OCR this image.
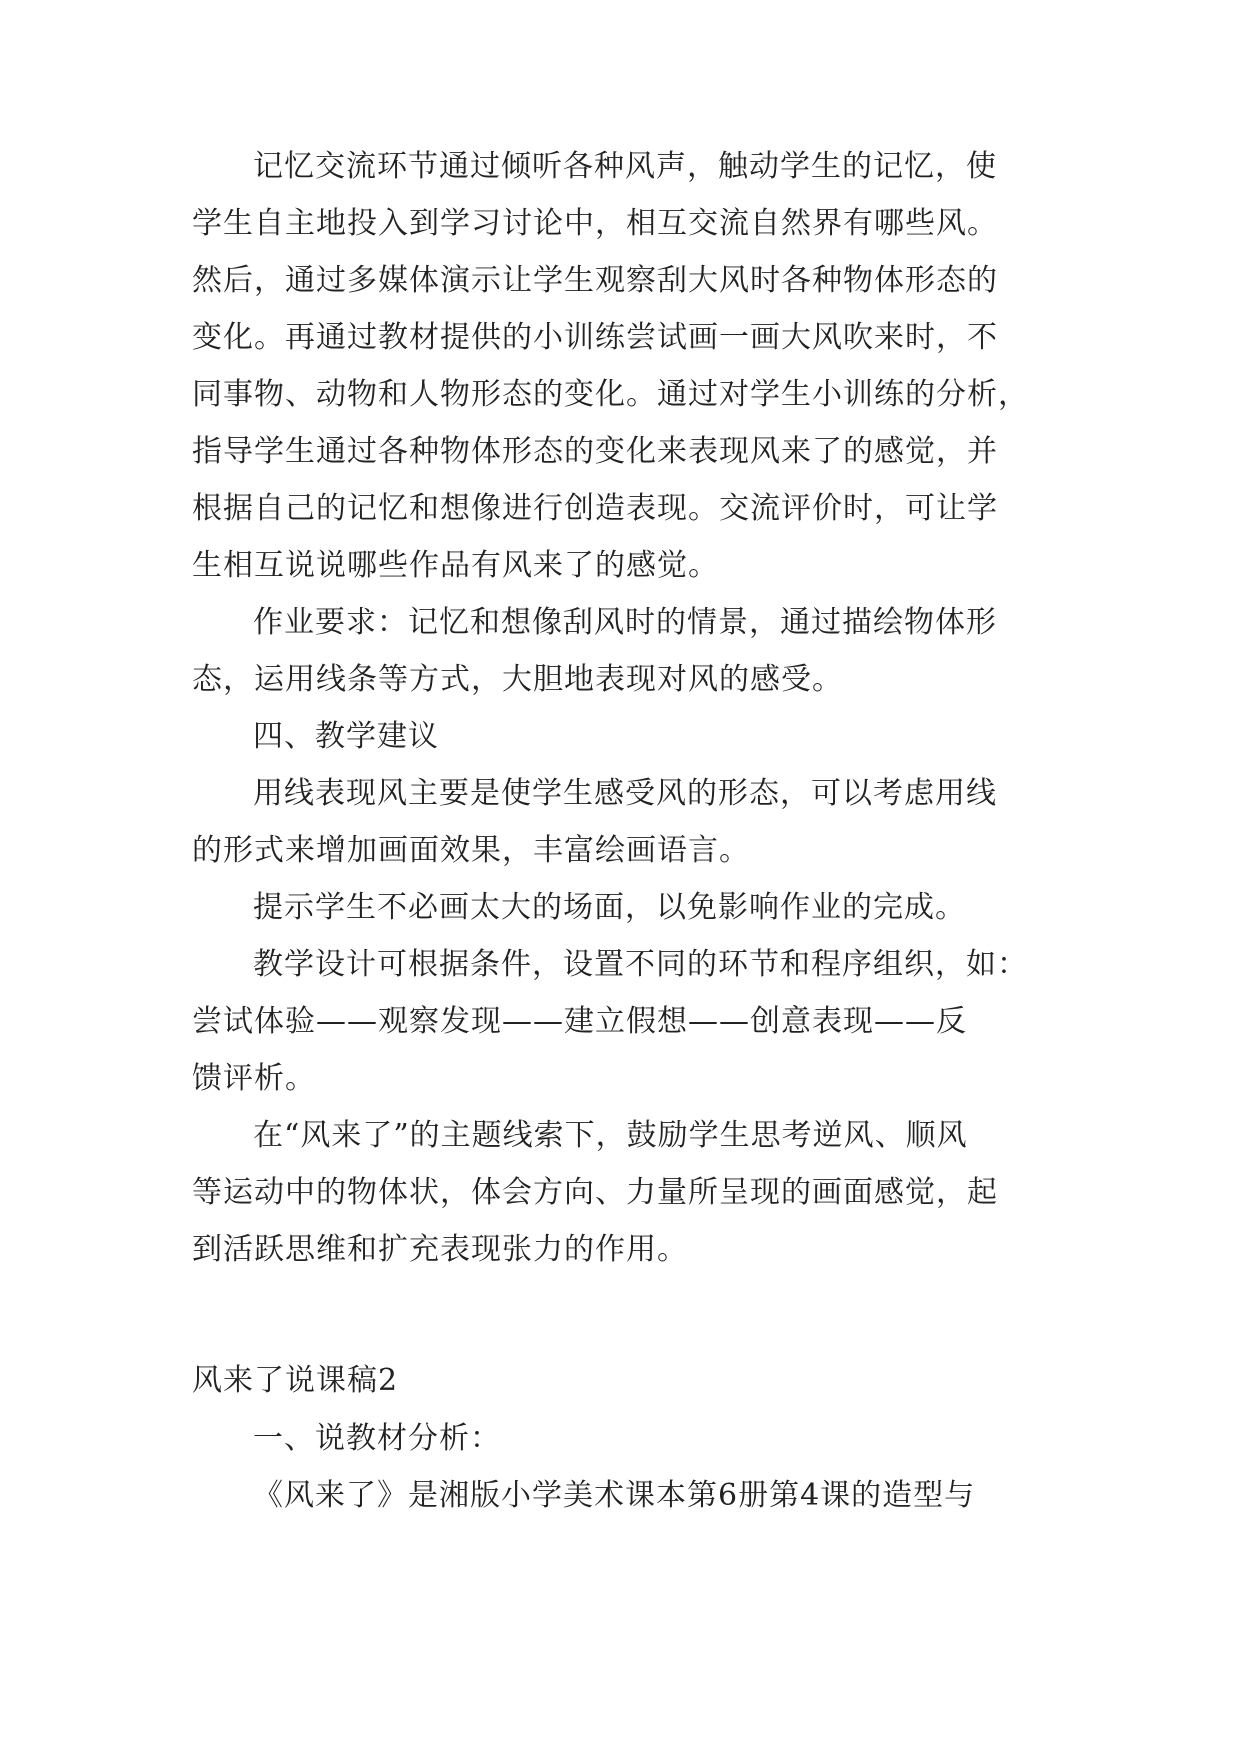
记忆交流环节通过倾听各种风声，触动学生的记忆，使
学生自主地投入到学习讨论中，相互交流自然界有哪些风。
然后，通过多媒体演示让学生观察刮大风时各种物体形态的
变化。再通过教材提供的小训练尝试画一画大风吹来时，不
同事物、动物和人物形态的变化。通过对学生小训练的分析，
指导学生通过各种物体形态的变化来表现风来了的感觉，并
根据自己的记忆和想像进行创造表现。交流评价时，可让学
生相互说说哪些作品有风来了的感觉。
作业要求：记忆和想像刮风时的情景，通过描绘物体形
态，运用线条等方式，大胆地表现对风的感受。
四、教学建议
用线表现风主要是使学生感受风的形态，可以考虑用线
的形式来增加画面效果，丰富绘画语言。
提示学生不必画太大的场面，以免影响作业的完成。
教学设计可根据条件，设置不同的环节和程序组织，如：
尝试体验——观察发现——建立假想——创意表现——反
馈评析。
在“风来了”的主题线索下，鼓励学生思考逆风、顺风
等运动中的物体状，体会方向、力量所呈现的画面感觉，起
到活跃思维和扩充表现张力的作用。
风来了说课稿2
一、说教材分析：
《风来了》是湘版小学美术课本第6册第4课的造型与
